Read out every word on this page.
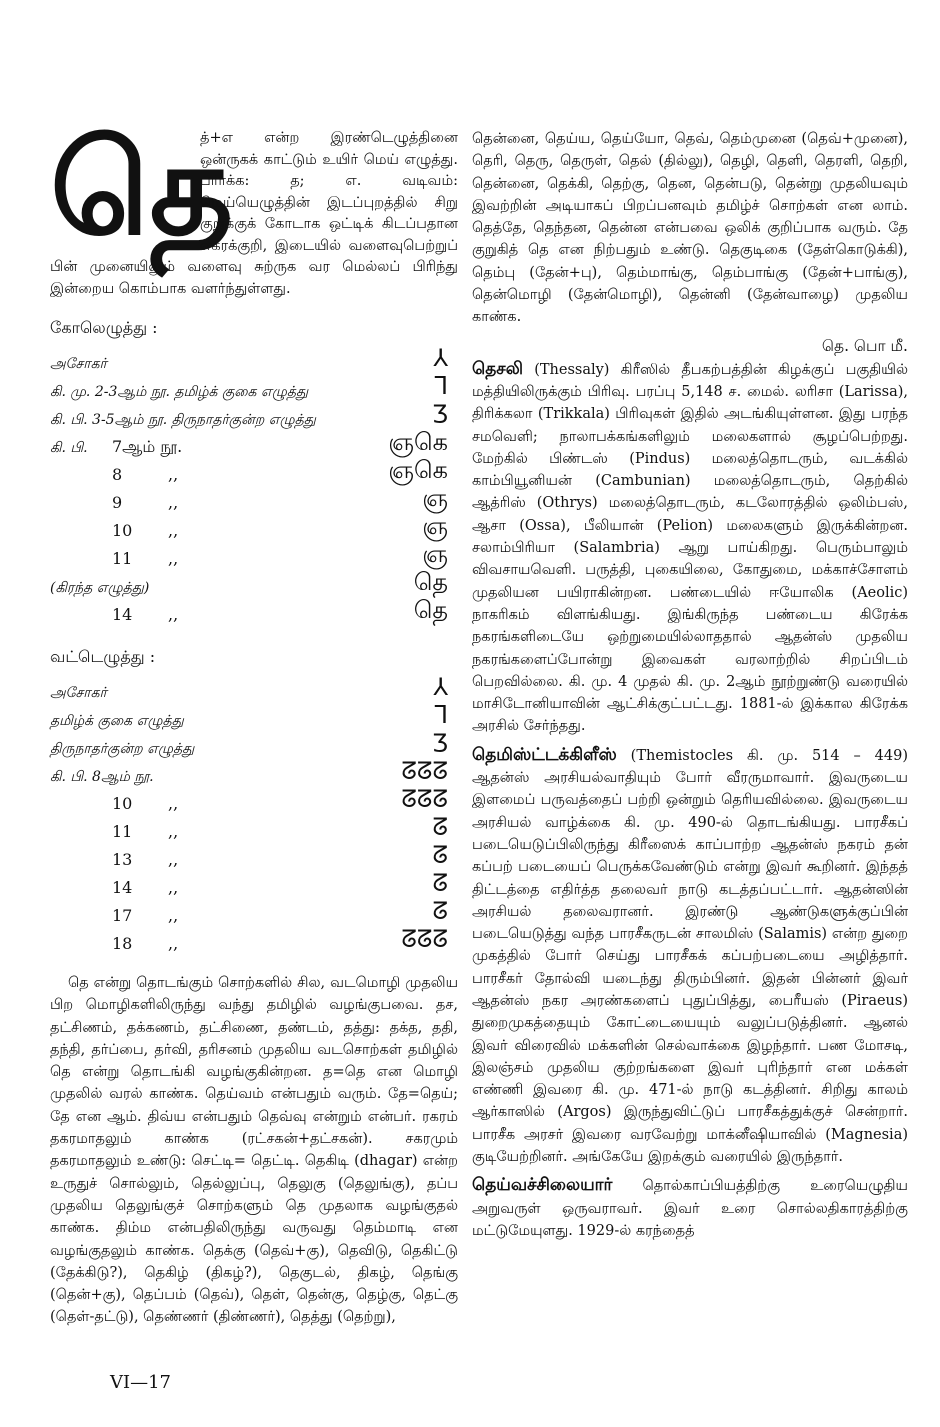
தெ
த்+எ என்ற இரண்டெழுத்தினை ஒன்ருகக் காட்டும் உயிர் மெய் எழுத்து. பார்க்க: த; எ. வடிவம்: மெய்யெழுத்தின் இடப்புறத்தில் சிறு குறுக்குக் கோடாக ஒட்டிக் கிடப்பதான எகரக்குறி, இடையில் வளைவுபெற்றுப் பின் முனையிலும் வளைவு சுற்ருக வர மெல்லப் பிரிந்து இன்றைய கொம்பாக வளர்ந்துள்ளது.
கோலெழுத்து :
அசோகர்	⅄
கி. மு. 2-3ஆம் நூ. தமிழ்க் குகை எழுத்து	ᒣ
கி. பி. 3-5ஆம் நூ. திருநாதர்குன்ற எழுத்து	Ʒ
கி. பி. 7ஆம் நூ.	ஞகெ
8	,,	ஞகெ
9	,,	ஞ
10 ,,	ஞ
11 ,,	ஞ
(கிரந்த எழுத்து)	தெ
14 ,,	தெ
வட்டெழுத்து :
அசோகர்	⅄
தமிழ்க் குகை எழுத்து	ᒣ
திருநாதர்குன்ற எழுத்து	Ʒ
கி. பி. 8ஆம் நூ.	ᘔᘔᘔ
10 ,,	ᘔᘔᘔ
11 ,,	ᘔ
13 ,,	ᘔ
14 ,,	ᘔ
17 ,,	ᘔ
18 ,,	ᘔᘔᘔ
தெ என்று தொடங்கும் சொற்களில் சில, வடமொழி முதலிய பிற மொழிகளிலிருந்து வந்து தமிழில் வழங்குபவை. தச, தட்சிணம், தக்கணம், தட்சிணை, தண்டம், தத்து: தக்த, ததி, தந்தி, தர்ப்பை, தர்வி, தரிசனம் முதலிய வடசொற்கள் தமிழில் தெ என்று தொடங்கி வழங்குகின்றன. த=தெ என மொழி முதலில் வரல் காண்க. தெய்வம் என்பதும் வரும். தே=தெய்; தே என ஆம். திவ்ய என்பதும் தெவ்வு என்றும் என்பர். ரகரம் தகரமாதலும் காண்க (ரட்சகன்+தட்சகன்). சகரமும் தகரமாதலும் உண்டு: செட்டி= தெட்டி. தெகிடி (dhagar) என்ற உருதுச் சொல்லும், தெல்லுப்பு, தெலுகு (தெலுங்கு), தப்ப முதலிய தெலுங்குச் சொற்களும் தெ முதலாக வழங்குதல் காண்க. திம்ம என்பதிலிருந்து வருவது தெம்மாடி என வழங்குதலும் காண்க. தெக்கு (தெவ்+கு), தெவிடு, தெகிட்டு (தேக்கிடு?), தெகிழ் (திகழ்?), தெகுடல், திகழ், தெங்கு (தென்+கு), தெப்பம் (தெவ்), தெள், தென்கு, தெழ்கு, தெட்கு (தெள்-தட்டு), தெண்ணர் (திண்ணர்), தெத்து (தெற்று),

தென்னை, தெய்ய, தெய்யோ, தெவ், தெம்முனை (தெவ்+முனை), தெரி, தெரு, தெருள், தெல் (தில்லு), தெழி, தெளி, தெரளி, தெறி, தென்னை, தெக்கி, தெற்கு, தென, தென்படு, தென்று முதலியவும் இவற்றின் அடியாகப் பிறப்பனவும் தமிழ்ச் சொற்கள் என லாம். தெத்தே, தெந்தன, தென்ன என்பவை ஒலிக் குறிப்பாக வரும். தே குறுகித் தெ என நிற்பதும் உண்டு. தெகுடிகை (தேள்கொடுக்கி), தெம்பு (தேன்+பு), தெம்மாங்கு, தெம்பாங்கு (தேன்+பாங்கு), தென்மொழி (தேன்மொழி), தென்னி (தேன்வாழை) முதலிய காண்க.

தெ. பொ மீ.

தெசலி (Thessaly) கிரீஸில் தீபகற்பத்தின் கிழக்குப் பகுதியில் மத்தியிலிருக்கும் பிரிவு. பரப்பு 5,148 ச. மைல். லரிசா (Larissa), திரிக்கலா (Trikkala) பிரிவுகள் இதில் அடங்கியுள்ளன. இது பரந்த சமவெளி; நாலாபக்கங்களிலும் மலைகளால் சூழப்பெற்றது. மேற்கில் பிண்டஸ் (Pindus) மலைத்தொடரும், வடக்கில் காம்பியூனியன் (Cambunian) மலைத்தொடரும், தெற்கில் ஆத்ரிஸ் (Othrys) மலைத்தொடரும், கடலோரத்தில் ஒலிம்பஸ், ஆசா (Ossa), பீலியான் (Pelion) மலைகளும் இருக்கின்றன. சலாம்பிரியா (Salambria) ஆறு பாய்கிறது. பெரும்பாலும் விவசாயவெளி. பருத்தி, புகையிலை, கோதுமை, மக்காச்சோளம் முதலியன பயிராகின்றன. பண்டையில் ஈயோலிக (Aeolic) நாகரிகம் விளங்கியது. இங்கிருந்த பண்டைய கிரேக்க நகரங்களிடையே ஒற்றுமையில்லாததால் ஆதன்ஸ் முதலிய நகரங்களைப்போன்று இவைகள் வரலாற்றில் சிறப்பிடம் பெறவில்லை. கி. மு. 4 முதல் கி. மு. 2ஆம் நூற்றுண்டு வரையில் மாசிடோனியாவின் ஆட்சிக்குட்பட்டது. 1881-ல் இக்கால கிரேக்க அரசில் சேர்ந்தது.

தெமிஸ்ட்டக்கிளீஸ் (Themistocles கி. மு. 514 – 449) ஆதன்ஸ் அரசியல்வாதியும் போர் வீரருமாவார். இவருடைய இளமைப் பருவத்தைப் பற்றி ஒன்றும் தெரியவில்லை. இவருடைய அரசியல் வாழ்க்கை கி. மு. 490-ல் தொடங்கியது. பாரசீகப் படையெடுப்பிலிருந்து கிரீஸைக் காப்பாற்ற ஆதன்ஸ் நகரம் தன் கப்பற் படையைப் பெருக்கவேண்டும் என்று இவர் கூறினர். இந்தத் திட்டத்தை எதிர்த்த தலைவர் நாடு கடத்தப்பட்டார். ஆதன்ஸின் அரசியல் தலைவரானர். இரண்டு ஆண்டுகளுக்குப்பின் படையெடுத்து வந்த பாரசீகருடன் சாலமிஸ் (Salamis) என்ற துறை முகத்தில் போர் செய்து பாரசீகக் கப்பற்படையை அழித்தார். பாரசீகர் தோல்வி யடைந்து திரும்பினர். இதன் பின்னர் இவர் ஆதன்ஸ் நகர அரண்களைப் புதுப்பித்து, பைரீயஸ் (Piraeus) துறைமுகத்தையும் கோட்டையையும் வலுப்படுத்தினர். ஆனல் இவர் விரைவில் மக்களின் செல்வாக்கை இழந்தார். பண மோசடி, இலஞ்சம் முதலிய குற்றங்களை இவர் புரிந்தார் என மக்கள் எண்ணி இவரை கி. மு. 471-ல் நாடு கடத்தினர். சிறிது காலம் ஆர்காஸில் (Argos) இருந்துவிட்டுப் பாரசீகத்துக்குச் சென்றார். பாரசீக அரசர் இவரை வரவேற்று மாக்னீஷியாவில் (Magnesia) குடியேற்றினர். அங்கேயே இறக்கும் வரையில் இருந்தார்.

தெய்வச்சிலையார் தொல்காப்பியத்திற்கு உரையெழுதிய அறுவருள் ஒருவராவர். இவர் உரை சொல்லதிகாரத்திற்கு மட்டுமேயுளது. 1929-ல் கரந்தைத்

VI—17
